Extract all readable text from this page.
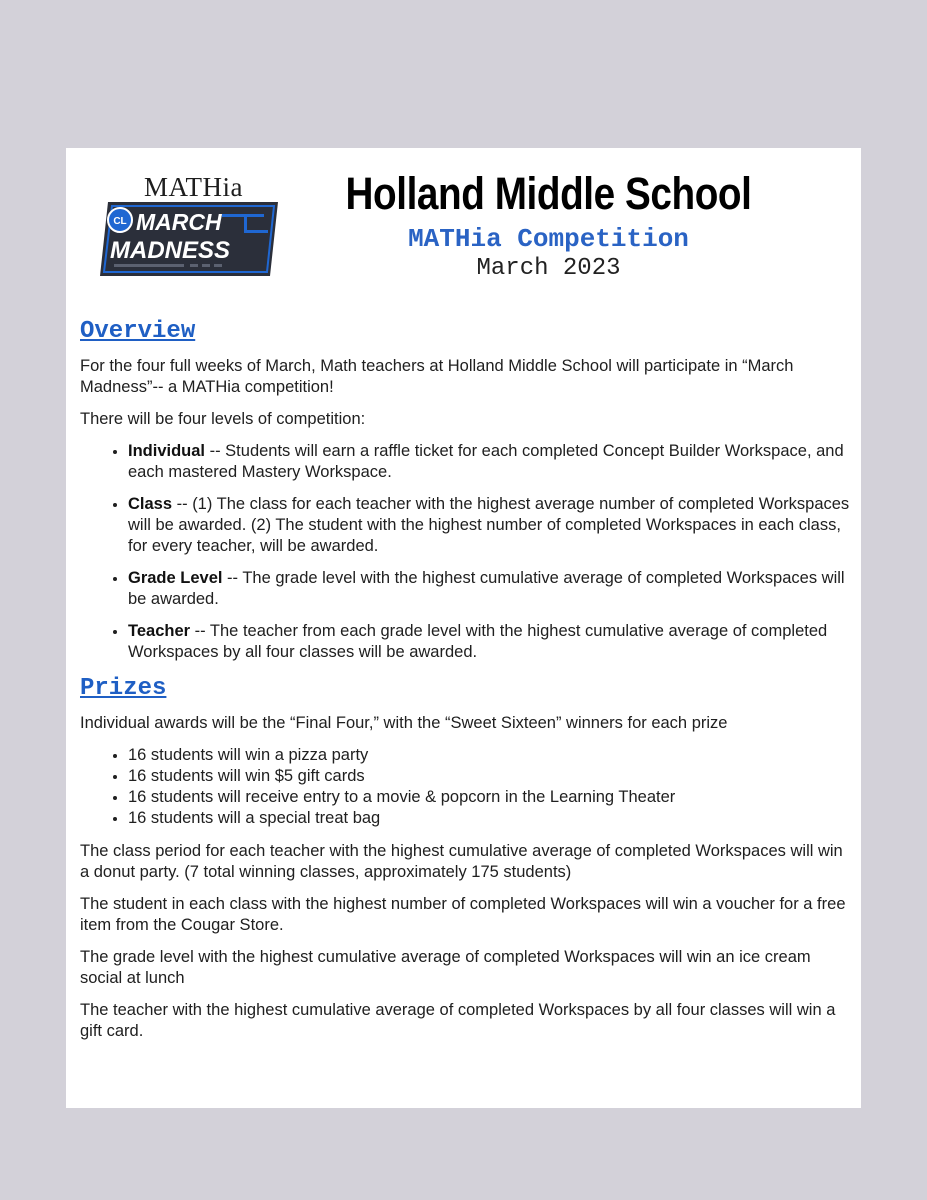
MATHia
CL MARCH
MADNESS
Holland Middle School
MATHia Competition
March 2023
Overview

For the four full weeks of March, Math teachers at Holland Middle School will participate in “March Madness”-- a MATHia competition!

There will be four levels of competition:

• Individual -- Students will earn a raffle ticket for each completed Concept Builder Workspace, and each mastered Mastery Workspace.
• Class -- (1) The class for each teacher with the highest average number of completed Workspaces will be awarded. (2) The student with the highest number of completed Workspaces in each class, for every teacher, will be awarded.
• Grade Level -- The grade level with the highest cumulative average of completed Workspaces will be awarded.
• Teacher -- The teacher from each grade level with the highest cumulative average of completed Workspaces by all four classes will be awarded.
Prizes

Individual awards will be the “Final Four,” with the “Sweet Sixteen” winners for each prize

• 16 students will win a pizza party
• 16 students will win $5 gift cards
• 16 students will receive entry to a movie & popcorn in the Learning Theater
• 16 students will a special treat bag

The class period for each teacher with the highest cumulative average of completed Workspaces will win a donut party. (7 total winning classes, approximately 175 students)

The student in each class with the highest number of completed Workspaces will win a voucher for a free item from the Cougar Store.

The grade level with the highest cumulative average of completed Workspaces will win an ice cream social at lunch

The teacher with the highest cumulative average of completed Workspaces by all four classes will win a gift card.
